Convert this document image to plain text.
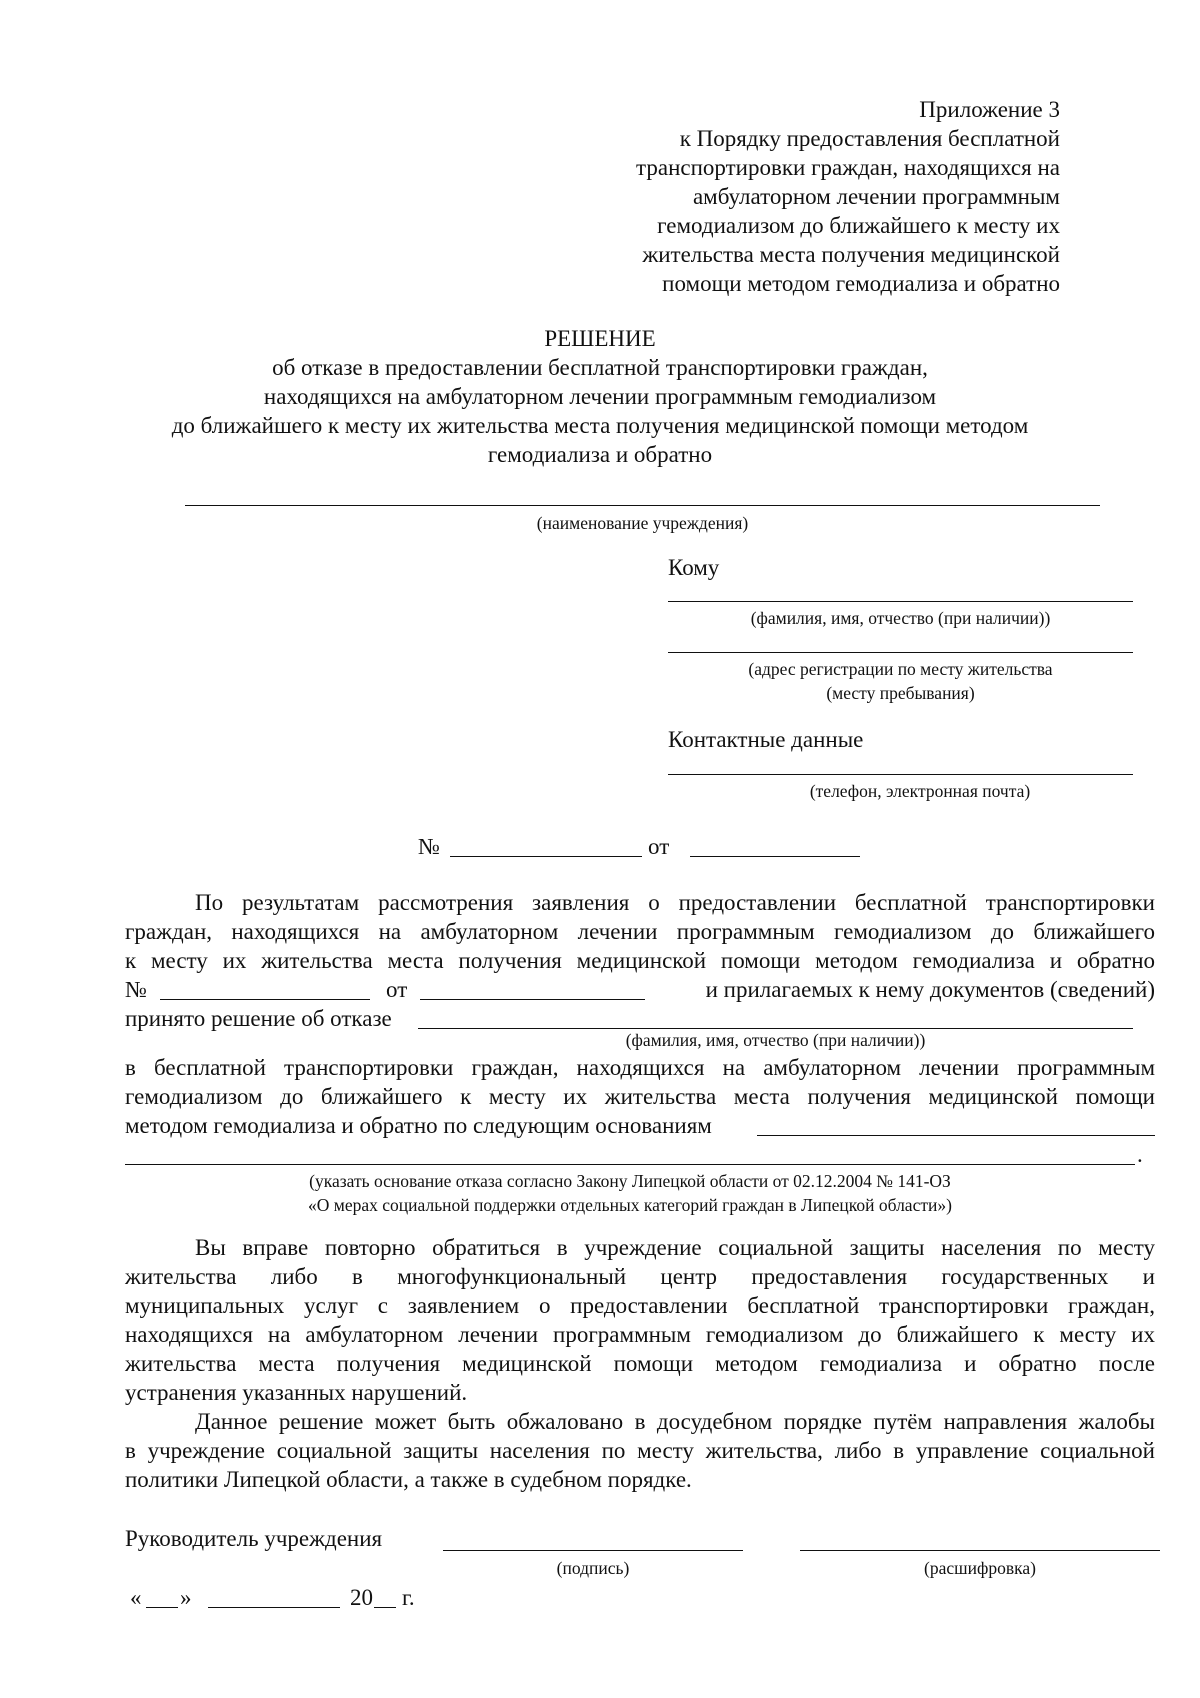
Приложение 3
к Порядку предоставления бесплатной
транспортировки граждан, находящихся на
амбулаторном лечении программным
гемодиализом до ближайшего к месту их
жительства места получения медицинской
помощи методом гемодиализа и обратно
РЕШЕНИЕ
об отказе в предоставлении бесплатной транспортировки граждан,
находящихся на амбулаторном лечении программным гемодиализом
до ближайшего к месту их жительства места получения медицинской помощи методом
гемодиализа и обратно
(наименование учреждения)
Кому
(фамилия, имя, отчество (при наличии))
(адрес регистрации по месту жительства
(месту пребывания)
Контактные данные
(телефон, электронная почта)
№	от
По результатам рассмотрения заявления о предоставлении бесплатной транспортировки
граждан, находящихся на амбулаторном лечении программным гемодиализом до ближайшего
к месту их жительства места получения медицинской помощи методом гемодиализа и обратно
№	от	и прилагаемых к нему документов (сведений)
принято решение об отказе
(фамилия, имя, отчество (при наличии))
в бесплатной транспортировки граждан, находящихся на амбулаторном лечении программным
гемодиализом до ближайшего к месту их жительства места получения медицинской помощи
методом гемодиализа и обратно по следующим основаниям
.
(указать основание отказа согласно Закону Липецкой области от 02.12.2004 № 141-ОЗ
«О мерах социальной поддержки отдельных категорий граждан в Липецкой области»)
Вы вправе повторно обратиться в учреждение социальной защиты населения по месту
жительства либо в многофункциональный центр предоставления государственных и
муниципальных услуг с заявлением о предоставлении бесплатной транспортировки граждан,
находящихся на амбулаторном лечении программным гемодиализом до ближайшего к месту их
жительства места получения медицинской помощи методом гемодиализа и обратно после
устранения указанных нарушений.
Данное решение может быть обжаловано в досудебном порядке путём направления жалобы
в учреждение социальной защиты населения по месту жительства, либо в управление социальной
политики Липецкой области, а также в судебном порядке.
Руководитель учреждения
(подпись)	(расшифровка)
« »	20 г.
